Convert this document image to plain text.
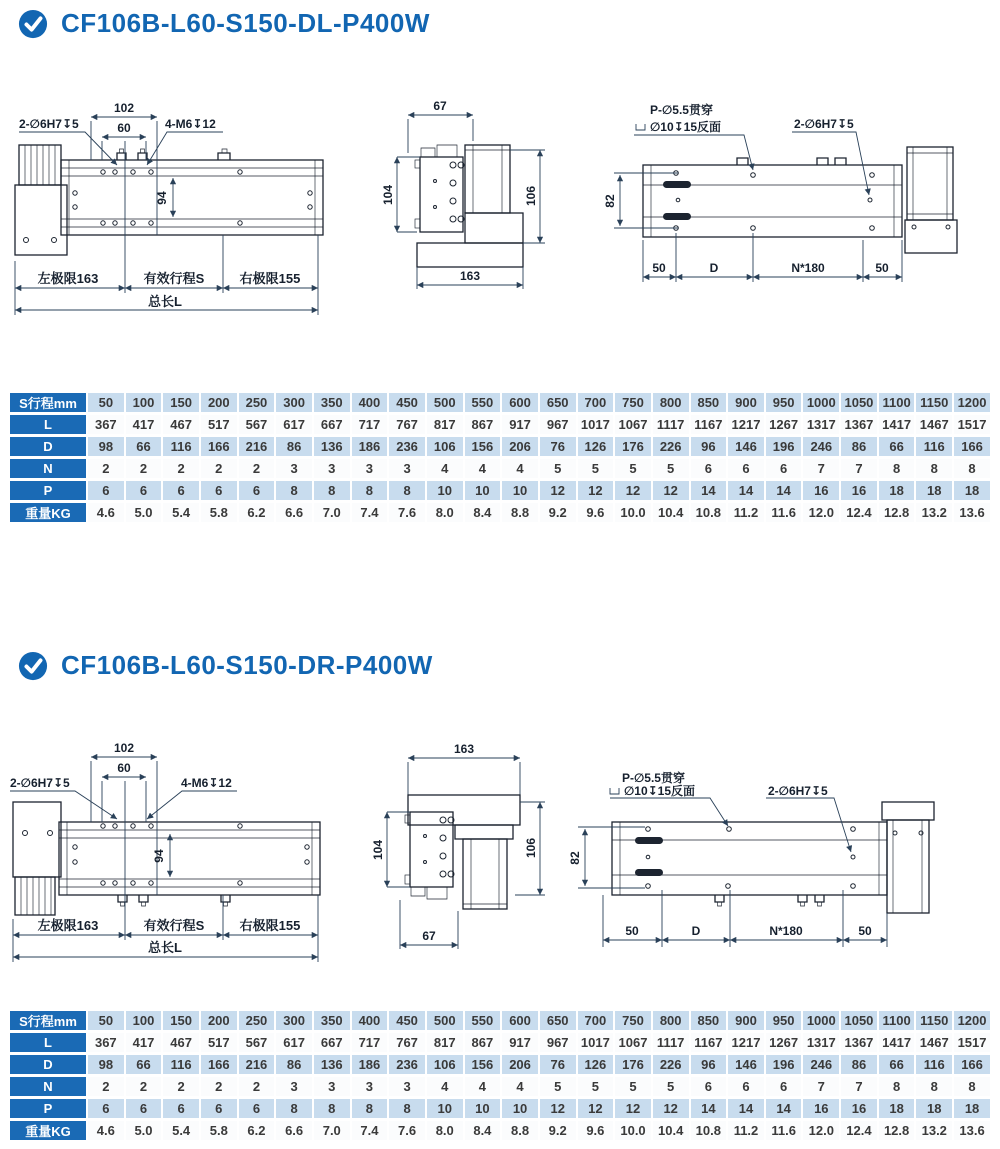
CF106B-L60-S150-DL-P400W
102
60
2-∅6H7↧5	4-M6↧12
94
左极限163	有效行程S	右极限155
总长L
67
104	106
163
P-∅5.5贯穿
∅10↧15反面	2-∅6H7↧5
82
50	D	N*180	50
S行程mm	50	100	150	200	250	300	350	400	450	500	550	600	650	700	750	800	850	900	950	1000	1050	1100	1150	1200
L	367	417	467	517	567	617	667	717	767	817	867	917	967	1017	1067	1117	1167	1217	1267	1317	1367	1417	1467	1517
D	98	66	116	166	216	86	136	186	236	106	156	206	76	126	176	226	96	146	196	246	86	66	116	166
N	2	2	2	2	2	3	3	3	3	4	4	4	5	5	5	5	6	6	6	7	7	8	8	8
P	6	6	6	6	6	8	8	8	8	10	10	10	12	12	12	12	14	14	14	16	16	18	18	18
重量KG	4.6	5.0	5.4	5.8	6.2	6.6	7.0	7.4	7.6	8.0	8.4	8.8	9.2	9.6	10.0	10.4	10.8	11.2	11.6	12.0	12.4	12.8	13.2	13.6
CF106B-L60-S150-DR-P400W
102
60
2-∅6H7↧5	4-M6↧12
94
左极限163	有效行程S	右极限155
总长L
163
104	106
67
P-∅5.5贯穿
∅10↧15反面	2-∅6H7↧5
82
50	D	N*180	50
S行程mm	50	100	150	200	250	300	350	400	450	500	550	600	650	700	750	800	850	900	950	1000	1050	1100	1150	1200
L	367	417	467	517	567	617	667	717	767	817	867	917	967	1017	1067	1117	1167	1217	1267	1317	1367	1417	1467	1517
D	98	66	116	166	216	86	136	186	236	106	156	206	76	126	176	226	96	146	196	246	86	66	116	166
N	2	2	2	2	2	3	3	3	3	4	4	4	5	5	5	5	6	6	6	7	7	8	8	8
P	6	6	6	6	6	8	8	8	8	10	10	10	12	12	12	12	14	14	14	16	16	18	18	18
重量KG	4.6	5.0	5.4	5.8	6.2	6.6	7.0	7.4	7.6	8.0	8.4	8.8	9.2	9.6	10.0	10.4	10.8	11.2	11.6	12.0	12.4	12.8	13.2	13.6
